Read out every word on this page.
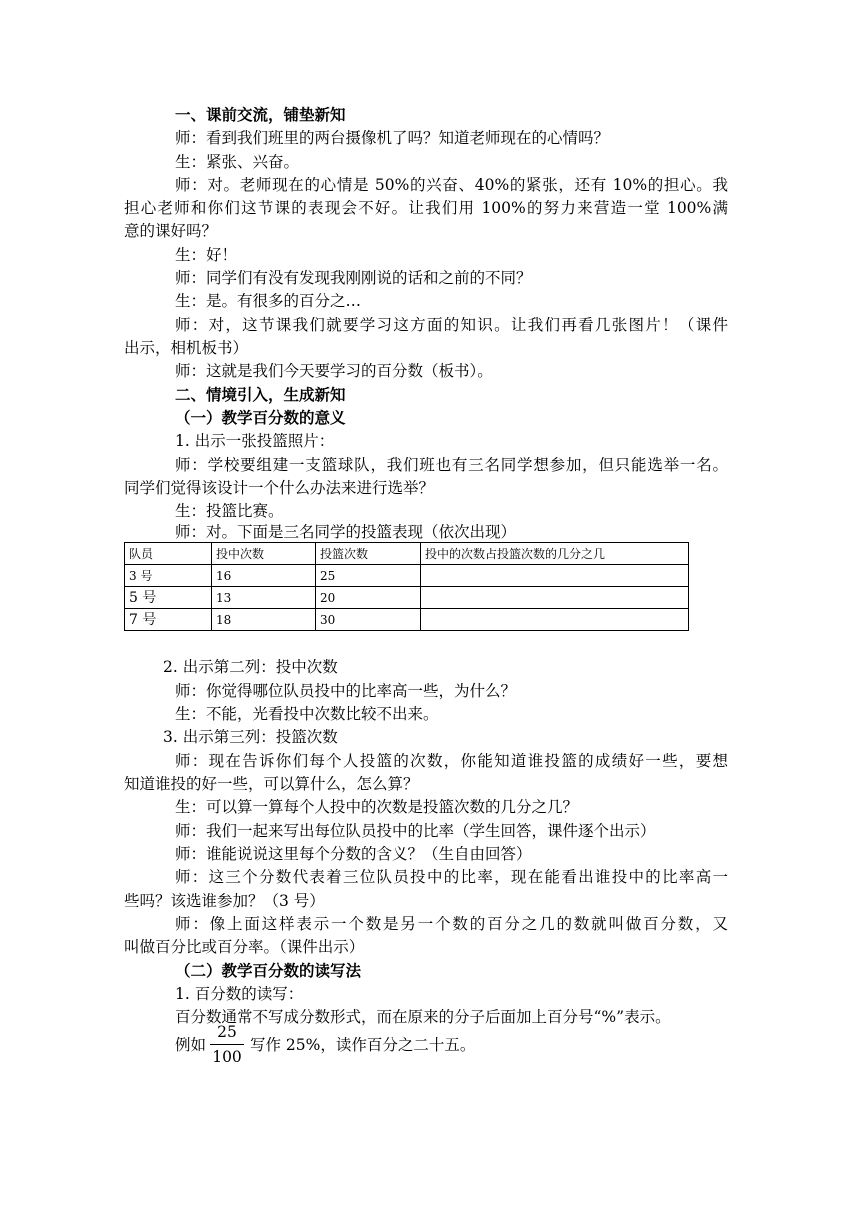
一、课前交流，铺垫新知
师：看到我们班里的两台摄像机了吗？知道老师现在的心情吗？
生：紧张、兴奋。
师：对。老师现在的心情是 50%的兴奋、40%的紧张，还有 10%的担心。我
担心老师和你们这节课的表现会不好。让我们用 100%的努力来营造一堂 100%满
意的课好吗？
生：好！
师：同学们有没有发现我刚刚说的话和之前的不同？
生：是。有很多的百分之…
师：对，这节课我们就要学习这方面的知识。让我们再看几张图片！（课件
出示，相机板书）
师：这就是我们今天要学习的百分数（板书）。
二、情境引入，生成新知
（一）教学百分数的意义
1. 出示一张投篮照片：
师：学校要组建一支篮球队，我们班也有三名同学想参加，但只能选举一名。
同学们觉得该设计一个什么办法来进行选举？
生：投篮比赛。
师：对。下面是三名同学的投篮表现（依次出现）
队员	投中次数	投篮次数	投中的次数占投篮次数的几分之几
3 号	16	25	
5 号	13	20	
7 号	18	30	
2. 出示第二列：投中次数
师：你觉得哪位队员投中的比率高一些，为什么？
生：不能，光看投中次数比较不出来。
3. 出示第三列：投篮次数
师：现在告诉你们每个人投篮的次数，你能知道谁投篮的成绩好一些，要想
知道谁投的好一些，可以算什么，怎么算？
生：可以算一算每个人投中的次数是投篮次数的几分之几？
师：我们一起来写出每位队员投中的比率（学生回答，课件逐个出示）
师：谁能说说这里每个分数的含义？（生自由回答）
师：这三个分数代表着三位队员投中的比率，现在能看出谁投中的比率高一
些吗？该选谁参加？（3 号）
师：像上面这样表示一个数是另一个数的百分之几的数就叫做百分数，又
叫做百分比或百分率。（课件出示）
（二）教学百分数的读写法
1. 百分数的读写：
百分数通常不写成分数形式，而在原来的分子后面加上百分号“%”表示。
例如
25
100
写作 25%，读作百分之二十五。
